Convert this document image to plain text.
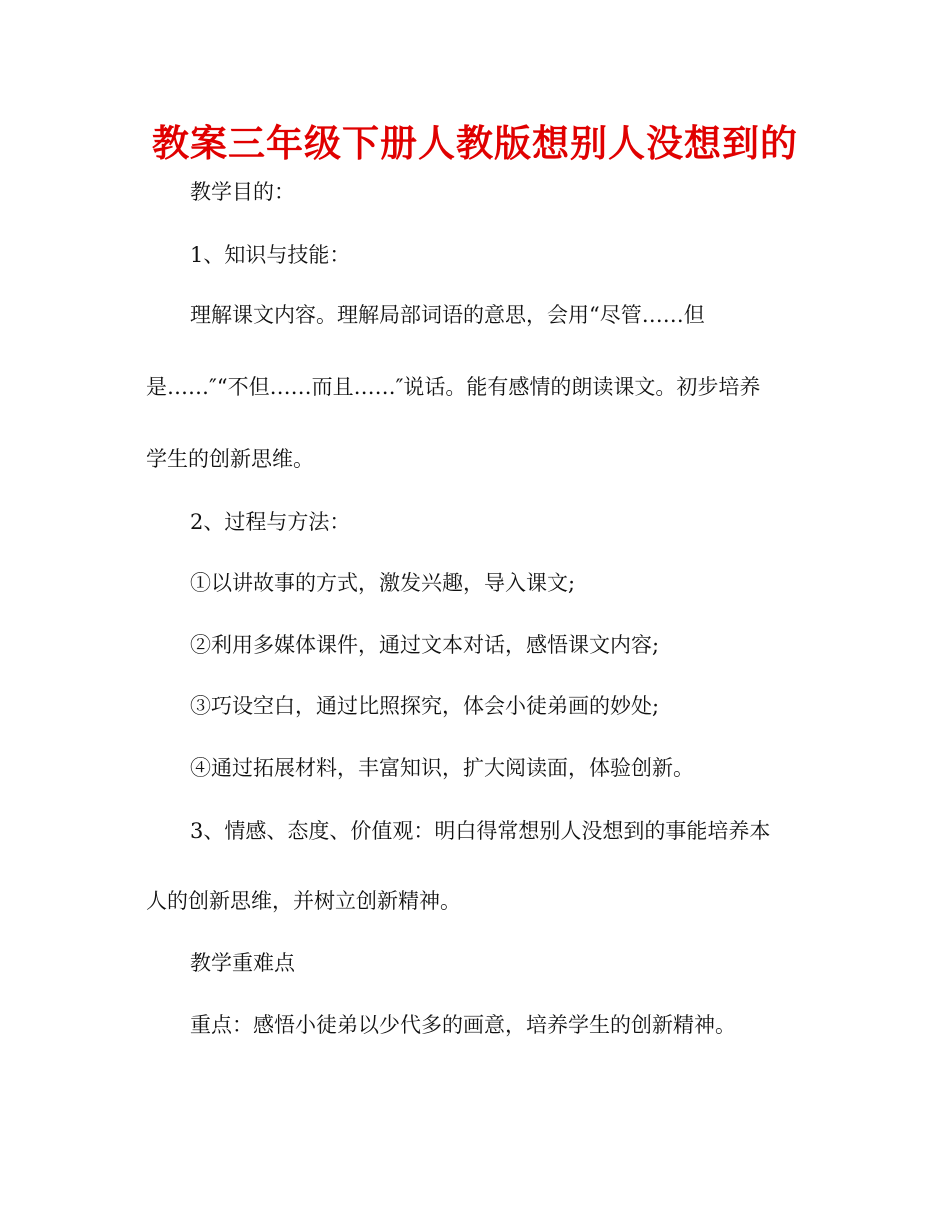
教案三年级下册人教版想别人没想到的

教学目的：

1、知识与技能：

理解课文内容。理解局部词语的意思，会用“尽管……但

是……″“不但……而且……″说话。能有感情的朗读课文。初步培养

学生的创新思维。

2、过程与方法：

①以讲故事的方式，激发兴趣，导入课文;

②利用多媒体课件，通过文本对话，感悟课文内容;

③巧设空白，通过比照探究，体会小徒弟画的妙处;

④通过拓展材料，丰富知识，扩大阅读面，体验创新。

3、情感、态度、价值观：明白得常想别人没想到的事能培养本

人的创新思维，并树立创新精神。

教学重难点

重点：感悟小徒弟以少代多的画意，培养学生的创新精神。
